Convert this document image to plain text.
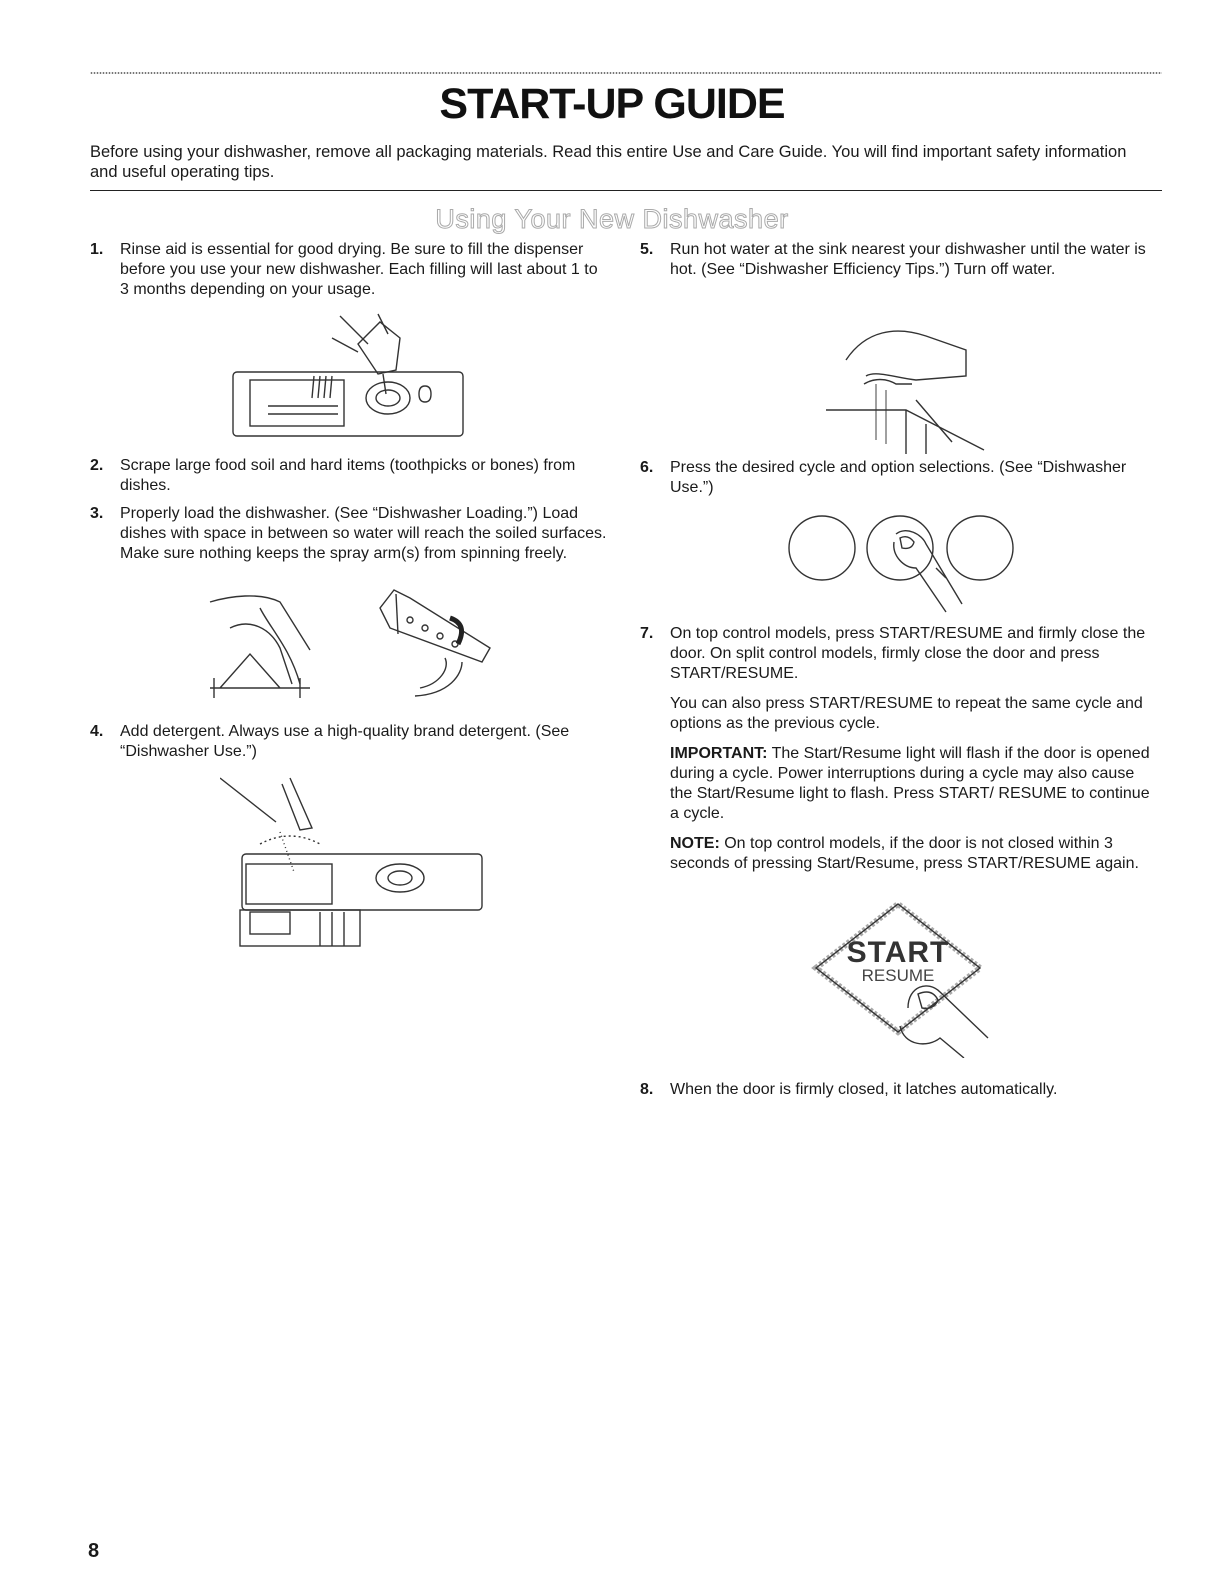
START-UP GUIDE
Before using your dishwasher, remove all packaging materials. Read this entire Use and Care Guide. You will find important safety information and useful operating tips.
Using Your New Dishwasher
1. Rinse aid is essential for good drying. Be sure to fill the dispenser before you use your new dishwasher. Each filling will last about 1 to 3 months depending on your usage.
2. Scrape large food soil and hard items (toothpicks or bones) from dishes.
3. Properly load the dishwasher. (See “Dishwasher Loading.”) Load dishes with space in between so water will reach the soiled surfaces. Make sure nothing keeps the spray arm(s) from spinning freely.
4. Add detergent. Always use a high-quality brand detergent. (See “Dishwasher Use.”)
5. Run hot water at the sink nearest your dishwasher until the water is hot. (See “Dishwasher Efficiency Tips.”) Turn off water.
6. Press the desired cycle and option selections. (See “Dishwasher Use.”)
7. On top control models, press START/RESUME and firmly close the door. On split control models, firmly close the door and press START/RESUME.

You can also press START/RESUME to repeat the same cycle and options as the previous cycle.

IMPORTANT: The Start/Resume light will flash if the door is opened during a cycle. Power interruptions during a cycle may also cause the Start/Resume light to flash. Press START/ RESUME to continue a cycle.

NOTE: On top control models, if the door is not closed within 3 seconds of pressing Start/Resume, press START/RESUME again.

START
RESUME
8. When the door is firmly closed, it latches automatically.
8
